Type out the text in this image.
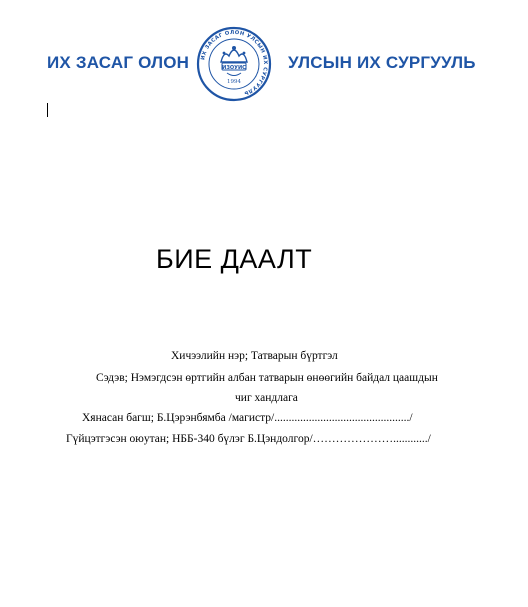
ИХ ЗАСАГ ОЛОН ИХ ЗАСАГ ОЛОН УЛСЫН ИХ СУРГУУЛЬ
ИЗОУИС
1994
УЛСЫН ИХ СУРГУУЛЬ
БИЕ ДААЛТ
Хичээлийн нэр; Татварын бүртгэл
Сэдэв; Нэмэгдсэн өртгийн албан татварын өнөөгийн байдал цаашдын
чиг хандлага
Хянасан багш; Б.Цэрэнбямба /магистр/.............................................../
Гүйцэтгэсэн оюутан; НББ-340 бүлэг Б.Цэндолгор/…………………............/
